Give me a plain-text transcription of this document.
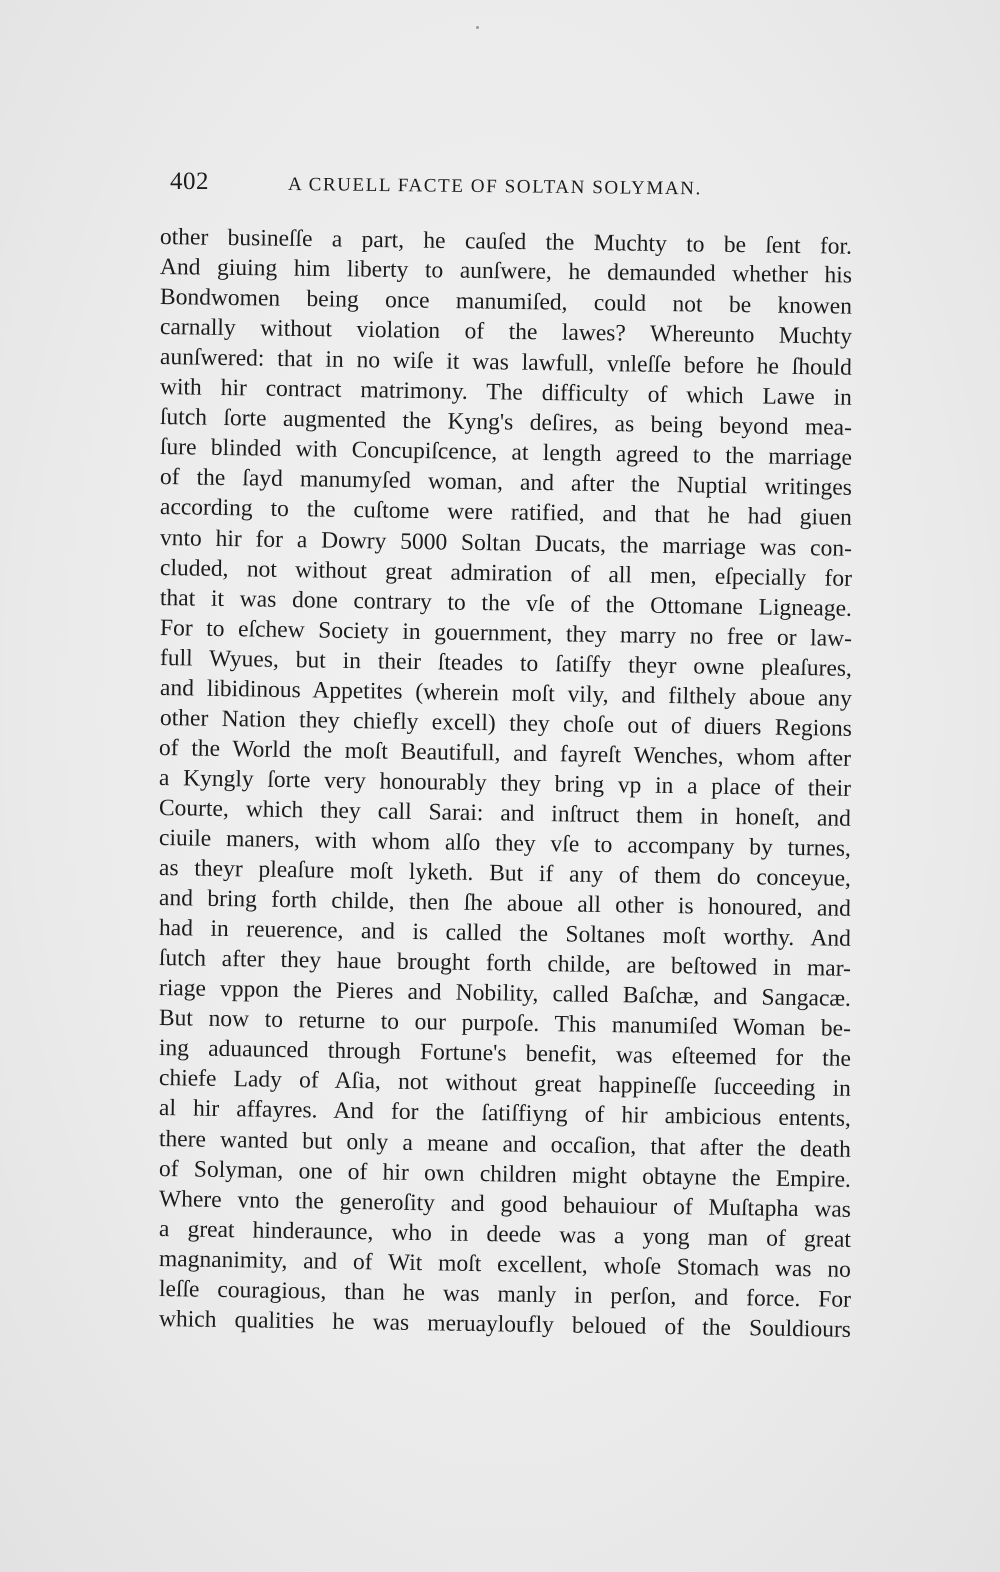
402	A CRUELL FACTE OF SOLTAN SOLYMAN.
other busineſſe a part, he cauſed the Muchty to be ſent for.
And giuing him liberty to aunſwere, he demaunded whether his
Bondwomen being once manumiſed, could not be knowen
carnally without violation of the lawes? Whereunto Muchty
aunſwered: that in no wiſe it was lawfull, vnleſſe before he ſhould
with hir contract matrimony. The difficulty of which Lawe in
ſutch ſorte augmented the Kyng's deſires, as being beyond mea-
ſure blinded with Concupiſcence, at length agreed to the marriage
of the ſayd manumyſed woman, and after the Nuptial writinges
according to the cuſtome were ratified, and that he had giuen
vnto hir for a Dowry 5000 Soltan Ducats, the marriage was con-
cluded, not without great admiration of all men, eſpecially for
that it was done contrary to the vſe of the Ottomane Ligneage.
For to eſchew Society in gouernment, they marry no free or law-
full Wyues, but in their ſteades to ſatiſfy theyr owne pleaſures,
and libidinous Appetites (wherein moſt vily, and filthely aboue any
other Nation they chiefly excell) they choſe out of diuers Regions
of the World the moſt Beautifull, and fayreſt Wenches, whom after
a Kyngly ſorte very honourably they bring vp in a place of their
Courte, which they call Sarai: and inſtruct them in honeſt, and
ciuile maners, with whom alſo they vſe to accompany by turnes,
as theyr pleaſure moſt lyketh. But if any of them do conceyue,
and bring forth childe, then ſhe aboue all other is honoured, and
had in reuerence, and is called the Soltanes moſt worthy. And
ſutch after they haue brought forth childe, are beſtowed in mar-
riage vppon the Pieres and Nobility, called Baſchæ, and Sangacæ.
But now to returne to our purpoſe. This manumiſed Woman be-
ing aduaunced through Fortune's benefit, was eſteemed for the
chiefe Lady of Aſia, not without great happineſſe ſucceeding in
al hir affayres. And for the ſatiſfiyng of hir ambicious entents,
there wanted but only a meane and occaſion, that after the death
of Solyman, one of hir own children might obtayne the Empire.
Where vnto the generoſity and good behauiour of Muſtapha was
a great hinderaunce, who in deede was a yong man of great
magnanimity, and of Wit moſt excellent, whoſe Stomach was no
leſſe couragious, than he was manly in perſon, and force. For
which qualities he was meruayloufly beloued of the Souldiours
